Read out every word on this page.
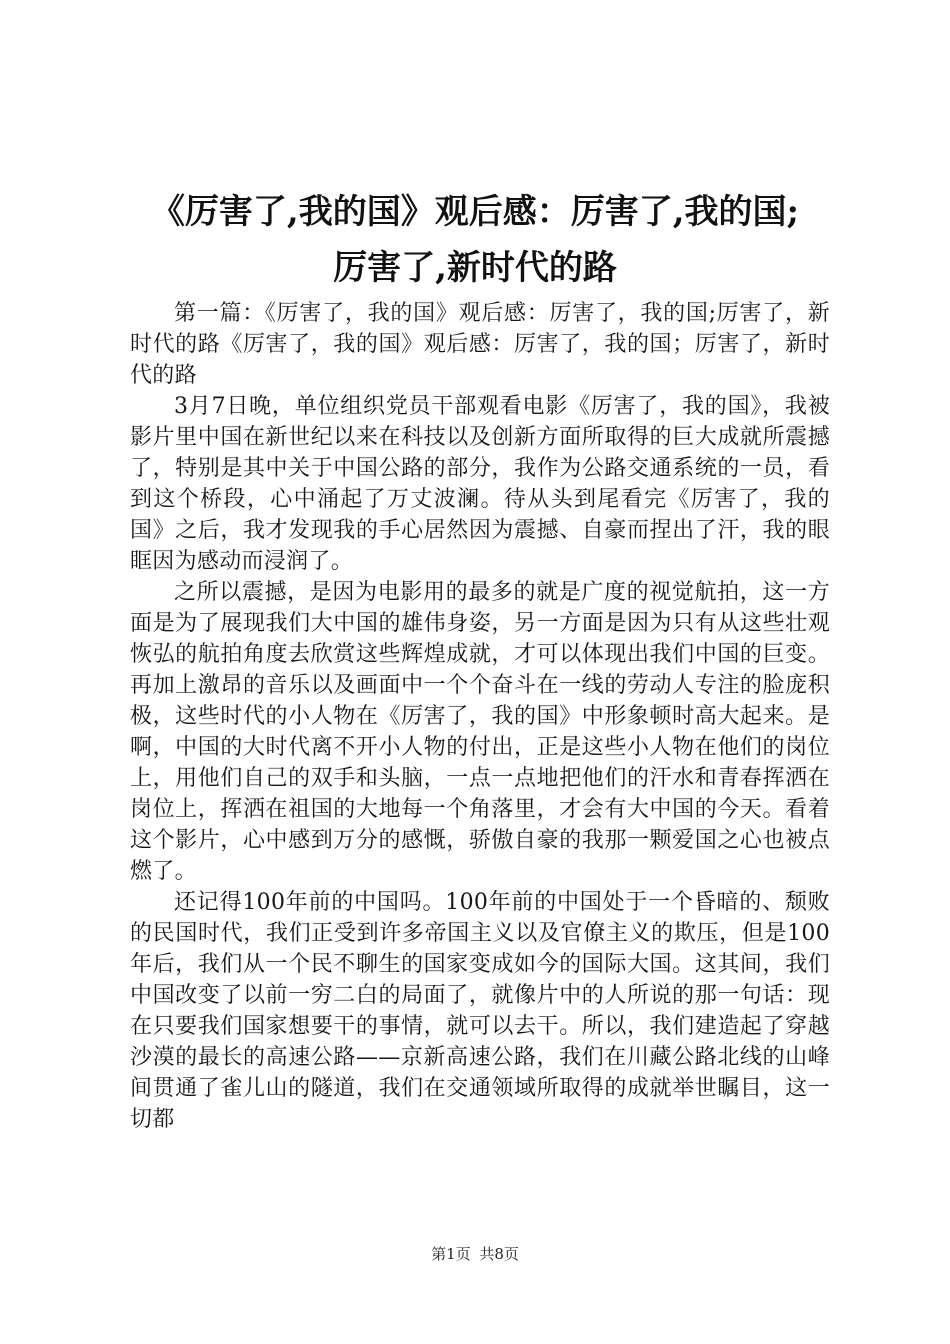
《厉害了,我的国》观后感：厉害了,我的国;
厉害了,新时代的路

第一篇：《厉害了，我的国》观后感：厉害了，我的国;厉害了，新时代的路《厉害了，我的国》观后感：厉害了，我的国；厉害了，新时代的路

3月7日晚，单位组织党员干部观看电影《厉害了，我的国》，我被影片里中国在新世纪以来在科技以及创新方面所取得的巨大成就所震撼了，特别是其中关于中国公路的部分，我作为公路交通系统的一员，看到这个桥段，心中涌起了万丈波澜。待从头到尾看完《厉害了，我的国》之后，我才发现我的手心居然因为震撼、自豪而捏出了汗，我的眼眶因为感动而浸润了。

之所以震撼，是因为电影用的最多的就是广度的视觉航拍，这一方面是为了展现我们大中国的雄伟身姿，另一方面是因为只有从这些壮观恢弘的航拍角度去欣赏这些辉煌成就，才可以体现出我们中国的巨变。再加上激昂的音乐以及画面中一个个奋斗在一线的劳动人专注的脸庞积极，这些时代的小人物在《厉害了，我的国》中形象顿时高大起来。是啊，中国的大时代离不开小人物的付出，正是这些小人物在他们的岗位上，用他们自己的双手和头脑，一点一点地把他们的汗水和青春挥洒在岗位上，挥洒在祖国的大地每一个角落里，才会有大中国的今天。看着这个影片，心中感到万分的感慨，骄傲自豪的我那一颗爱国之心也被点燃了。

还记得100年前的中国吗。100年前的中国处于一个昏暗的、颓败的民国时代，我们正受到许多帝国主义以及官僚主义的欺压，但是100年后，我们从一个民不聊生的国家变成如今的国际大国。这其间，我们中国改变了以前一穷二白的局面了，就像片中的人所说的那一句话：现在只要我们国家想要干的事情，就可以去干。所以，我们建造起了穿越沙漠的最长的高速公路——京新高速公路，我们在川藏公路北线的山峰间贯通了雀儿山的隧道，我们在交通领域所取得的成就举世瞩目，这一切都

第1页 共8页
